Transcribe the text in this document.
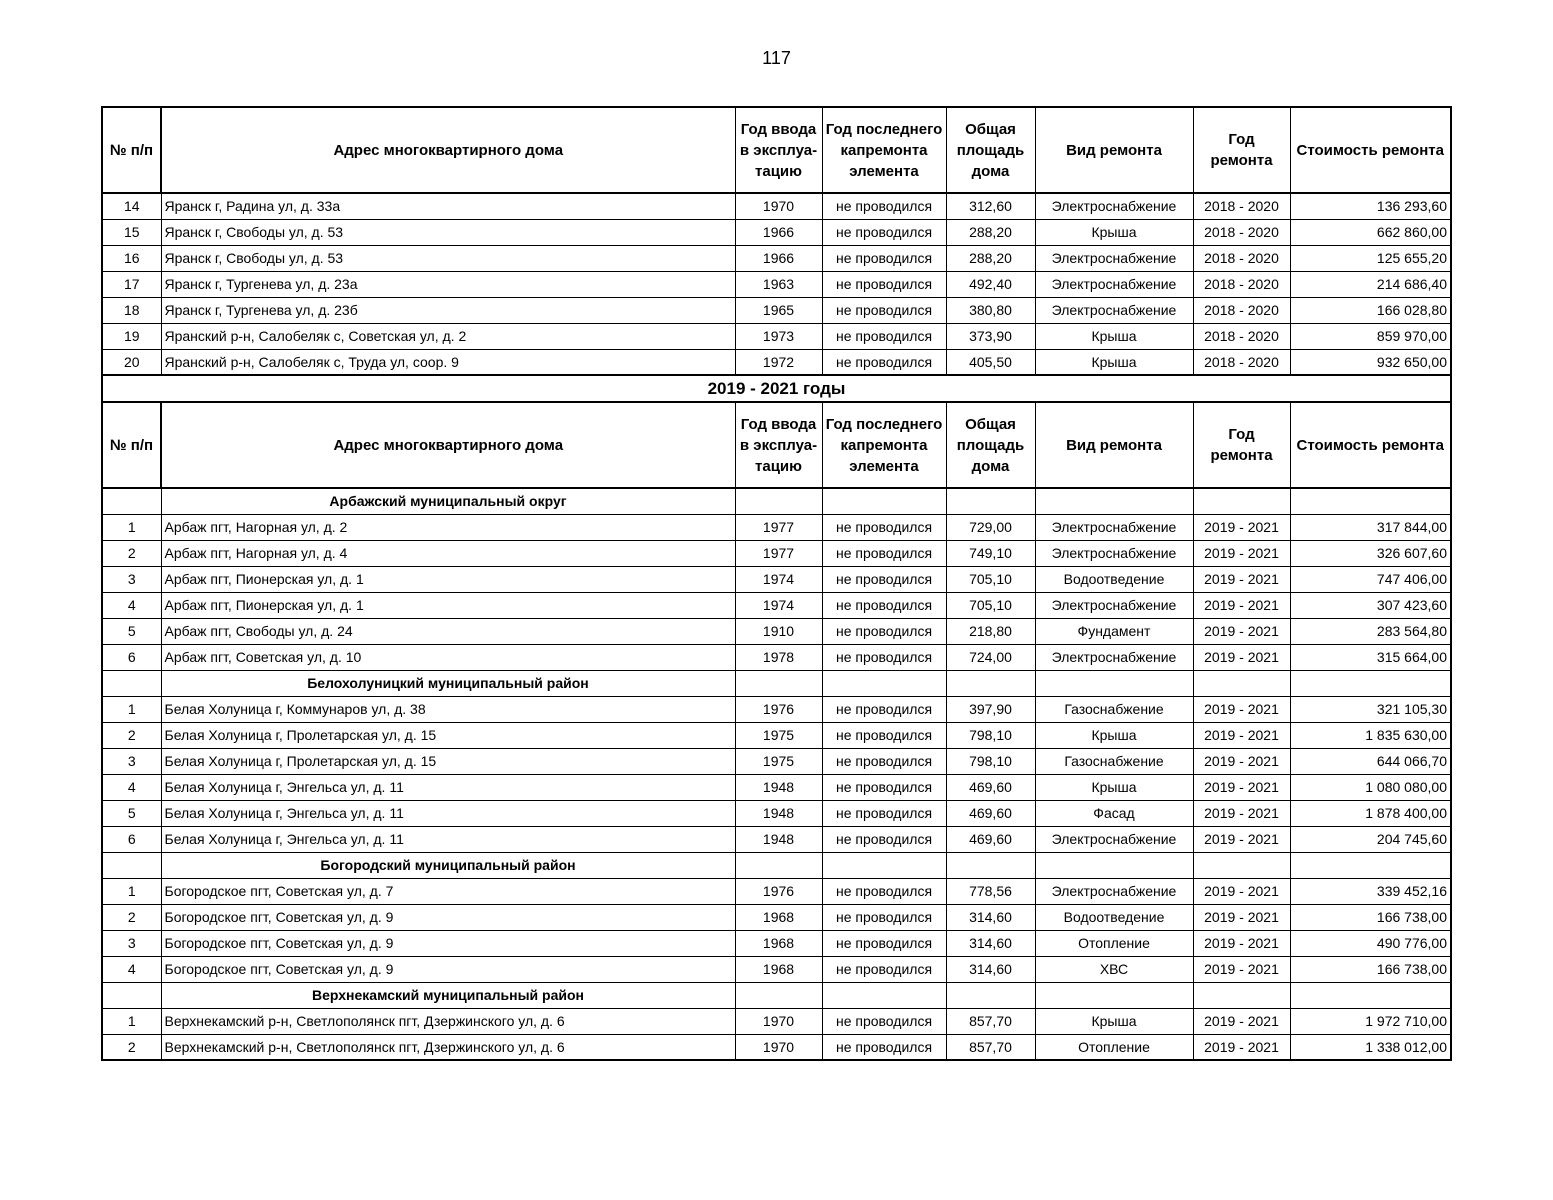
117
№ п/п	Адрес многоквартирного дома	Год ввода в эксплуа-тацию	Год последнего капремонта элемента	Общая площадь дома	Вид ремонта	Год ремонта	Стоимость ремонта
14	Яранск г, Радина ул, д. 33а	1970	не проводился	312,60	Электроснабжение	2018 - 2020	136 293,60
15	Яранск г, Свободы ул, д. 53	1966	не проводился	288,20	Крыша	2018 - 2020	662 860,00
16	Яранск г, Свободы ул, д. 53	1966	не проводился	288,20	Электроснабжение	2018 - 2020	125 655,20
17	Яранск г, Тургенева ул, д. 23а	1963	не проводился	492,40	Электроснабжение	2018 - 2020	214 686,40
18	Яранск г, Тургенева ул, д. 23б	1965	не проводился	380,80	Электроснабжение	2018 - 2020	166 028,80
19	Яранский р-н, Салобеляк с, Советская ул, д. 2	1973	не проводился	373,90	Крыша	2018 - 2020	859 970,00
20	Яранский р-н, Салобеляк с, Труда ул, соор. 9	1972	не проводился	405,50	Крыша	2018 - 2020	932 650,00
2019 - 2021 годы							
№ п/п	Адрес многоквартирного дома	Год ввода в эксплуа-тацию	Год последнего капремонта элемента	Общая площадь дома	Вид ремонта	Год ремонта	Стоимость ремонта
	Арбажский муниципальный округ						
1	Арбаж пгт, Нагорная ул, д. 2	1977	не проводился	729,00	Электроснабжение	2019 - 2021	317 844,00
2	Арбаж пгт, Нагорная ул, д. 4	1977	не проводился	749,10	Электроснабжение	2019 - 2021	326 607,60
3	Арбаж пгт, Пионерская ул, д. 1	1974	не проводился	705,10	Водоотведение	2019 - 2021	747 406,00
4	Арбаж пгт, Пионерская ул, д. 1	1974	не проводился	705,10	Электроснабжение	2019 - 2021	307 423,60
5	Арбаж пгт, Свободы ул, д. 24	1910	не проводился	218,80	Фундамент	2019 - 2021	283 564,80
6	Арбаж пгт, Советская ул, д. 10	1978	не проводился	724,00	Электроснабжение	2019 - 2021	315 664,00
	Белохолуницкий муниципальный район						
1	Белая Холуница г, Коммунаров ул, д. 38	1976	не проводился	397,90	Газоснабжение	2019 - 2021	321 105,30
2	Белая Холуница г, Пролетарская ул, д. 15	1975	не проводился	798,10	Крыша	2019 - 2021	1 835 630,00
3	Белая Холуница г, Пролетарская ул, д. 15	1975	не проводился	798,10	Газоснабжение	2019 - 2021	644 066,70
4	Белая Холуница г, Энгельса ул, д. 11	1948	не проводился	469,60	Крыша	2019 - 2021	1 080 080,00
5	Белая Холуница г, Энгельса ул, д. 11	1948	не проводился	469,60	Фасад	2019 - 2021	1 878 400,00
6	Белая Холуница г, Энгельса ул, д. 11	1948	не проводился	469,60	Электроснабжение	2019 - 2021	204 745,60
	Богородский муниципальный район						
1	Богородское пгт, Советская ул, д. 7	1976	не проводился	778,56	Электроснабжение	2019 - 2021	339 452,16
2	Богородское пгт, Советская ул, д. 9	1968	не проводился	314,60	Водоотведение	2019 - 2021	166 738,00
3	Богородское пгт, Советская ул, д. 9	1968	не проводился	314,60	Отопление	2019 - 2021	490 776,00
4	Богородское пгт, Советская ул, д. 9	1968	не проводился	314,60	ХВС	2019 - 2021	166 738,00
	Верхнекамский муниципальный район						
1	Верхнекамский р-н, Светлополянск пгт, Дзержинского ул, д. 6	1970	не проводился	857,70	Крыша	2019 - 2021	1 972 710,00
2	Верхнекамский р-н, Светлополянск пгт, Дзержинского ул, д. 6	1970	не проводился	857,70	Отопление	2019 - 2021	1 338 012,00
